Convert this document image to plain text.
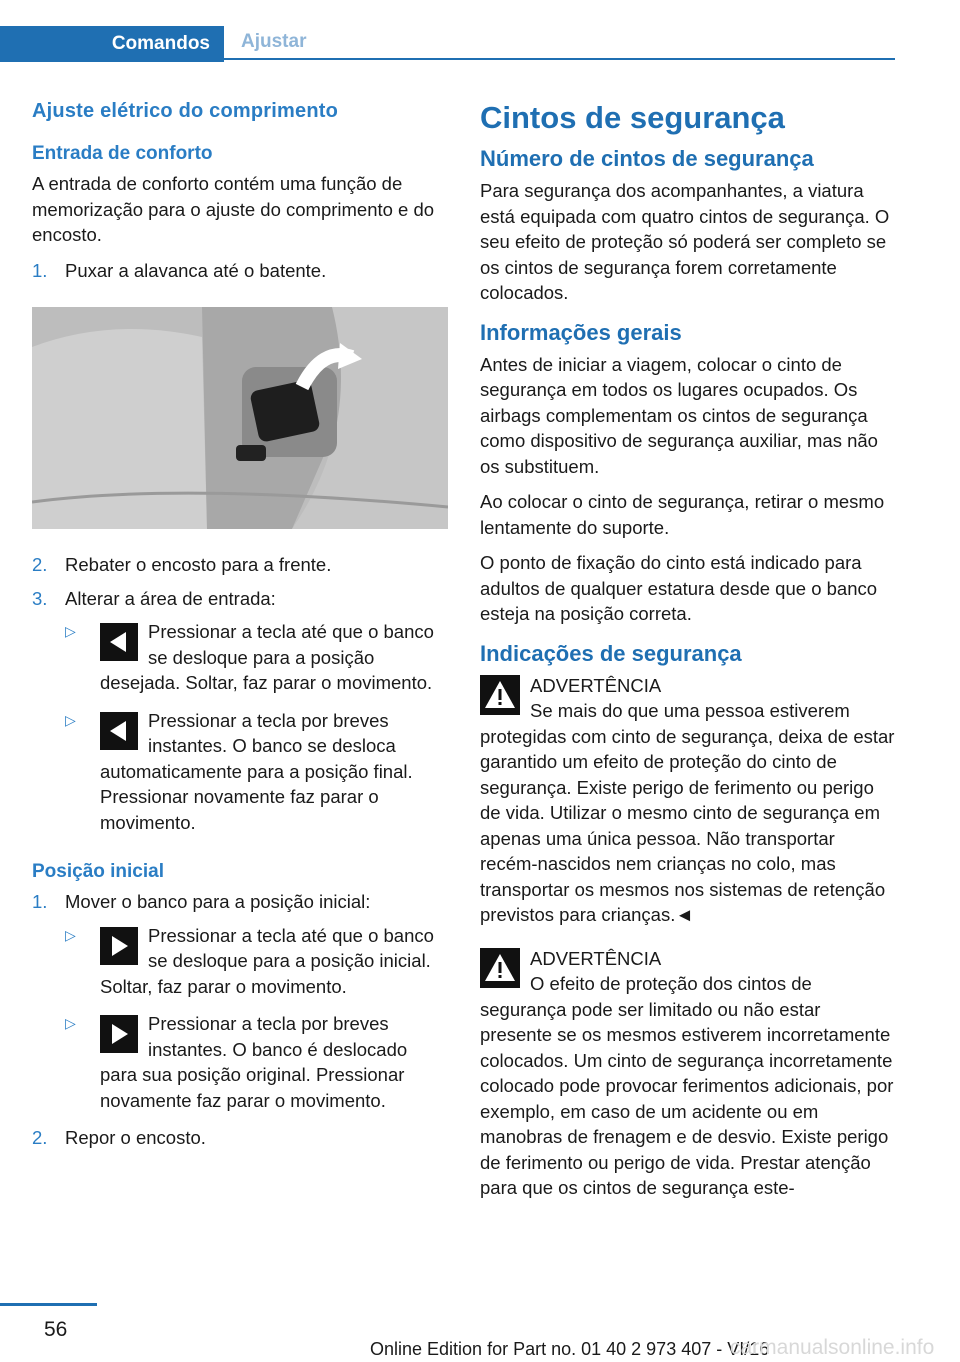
Comandos	Ajustar
Ajuste elétrico do comprimento
Entrada de conforto

A entrada de conforto contém uma função de memorização para o ajuste do comprimento e do encosto.

1. Puxar a alavanca até o batente.
2. Rebater o encosto para a frente.
3. Alterar a área de entrada:
▷	Pressionar a tecla até que o banco se desloque para a posição desejada. Soltar, faz parar o movimento.
▷	Pressionar a tecla por breves instantes. O banco se desloca automaticamente para a posição final. Pressionar novamente faz parar o movimento.
Posição inicial
1. Mover o banco para a posição inicial:
▷	Pressionar a tecla até que o banco se desloque para a posição inicial. Soltar, faz parar o movimento.
▷	Pressionar a tecla por breves instantes. O banco é deslocado para sua posição original. Pressionar novamente faz parar o movimento.
2. Repor o encosto.
Cintos de segurança
Número de cintos de segurança

Para segurança dos acompanhantes, a viatura está equipada com quatro cintos de segurança. O seu efeito de proteção só poderá ser completo se os cintos de segurança forem corretamente colocados.

Informações gerais

Antes de iniciar a viagem, colocar o cinto de segurança em todos os lugares ocupados. Os airbags complementam os cintos de segurança como dispositivo de segurança auxiliar, mas não os substituem.

Ao colocar o cinto de segurança, retirar o mesmo lentamente do suporte.

O ponto de fixação do cinto está indicado para adultos de qualquer estatura desde que o banco esteja na posição correta.

Indicações de segurança
ADVERTÊNCIA

Se mais do que uma pessoa estiverem protegidas com cinto de segurança, deixa de estar garantido um efeito de proteção do cinto de segurança. Existe perigo de ferimento ou perigo de vida. Utilizar o mesmo cinto de segurança em apenas uma única pessoa. Não transportar recém-nascidos nem crianças no colo, mas transportar os mesmos nos sistemas de retenção previstos para crianças.◄

ADVERTÊNCIA

O efeito de proteção dos cintos de segurança pode ser limitado ou não estar presente se os mesmos estiverem incorretamente colocados. Um cinto de segurança incorretamente colocado pode provocar ferimentos adicionais, por exemplo, em caso de um acidente ou em manobras de frenagem e de desvio. Existe perigo de ferimento ou perigo de vida. Prestar atenção para que os cintos de segurança este-

56
Online Edition for Part no. 01 40 2 973 407 - VI/16
carmanualsonline.info
